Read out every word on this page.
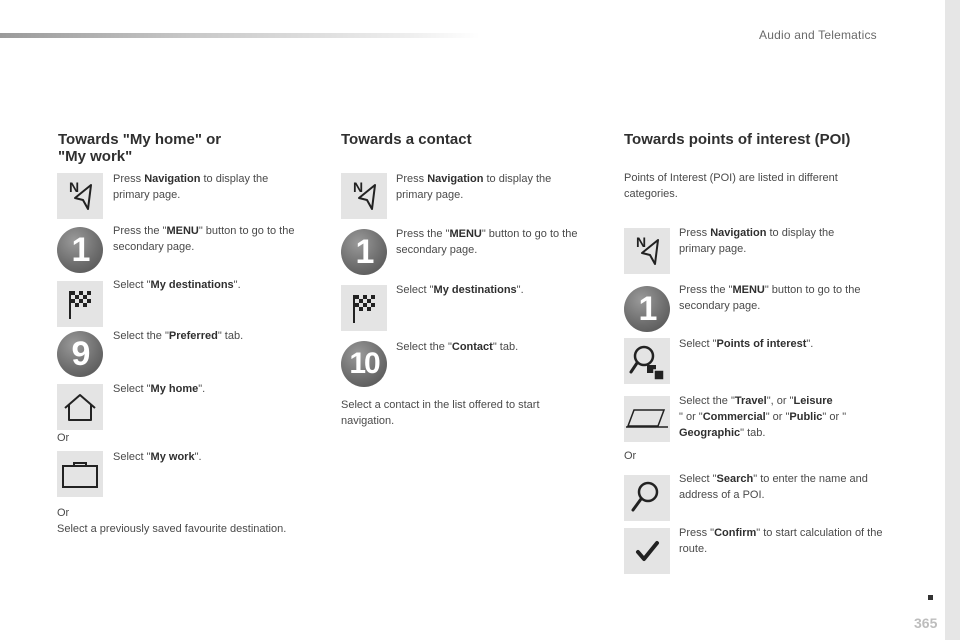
Audio and Telematics
Towards "My home" or
"My work"
N	Press Navigation to display the primary page.
1	Press the "MENU" button to go to the secondary page.
Select "My destinations".
9	Select the "Preferred" tab.
Select "My home".
Or
Select "My work".
Or
Select a previously saved favourite destination.
Towards a contact
N	Press Navigation to display the primary page.
1	Press the "MENU" button to go to the secondary page.
Select "My destinations".
10	Select the "Contact" tab.
Select a contact in the list offered to start navigation.
Towards points of interest (POI)
Points of Interest (POI) are listed in different categories.
N
Press Navigation to display the primary page.
1	Press the "MENU" button to go to the secondary page.
Select "Points of interest".
Select the "Travel", or "Leisure
" or "Commercial" or "Public" or "
Geographic" tab.
Or
Select "Search" to enter the name and address of a POI.
Press "Confirm" to start calculation of the route.
365
